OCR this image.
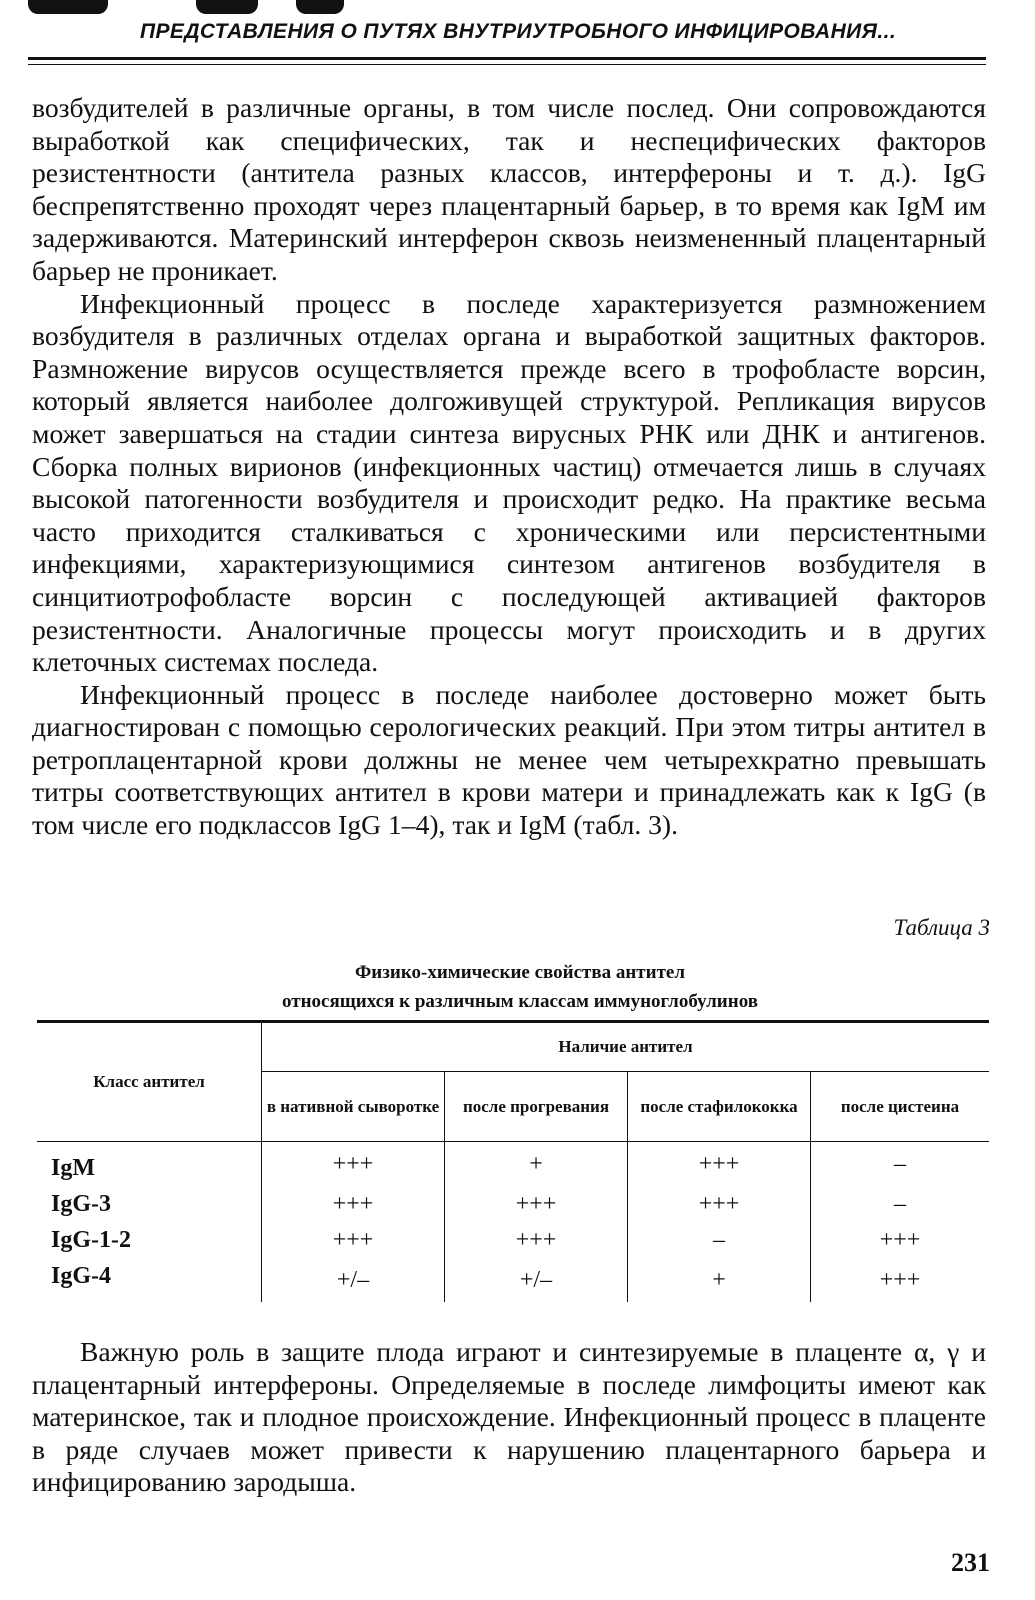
ПРЕДСТАВЛЕНИЯ О ПУТЯХ ВНУТРИУТРОБНОГО ИНФИЦИРОВАНИЯ...

возбудителей в различные органы, в том числе послед. Они сопровождаются выработкой как специфических, так и неспецифических факторов резистентности (антитела разных классов, интерфероны и т. д.). IgG беспрепятственно проходят через плацентарный барьер, в то время как IgM им задерживаются. Материнский интерферон сквозь неизмененный плацентарный барьер не проникает.

Инфекционный процесс в последе характеризуется размножением возбудителя в различных отделах органа и выработкой защитных факторов. Размножение вирусов осуществляется прежде всего в трофобласте ворсин, который является наиболее долгоживущей структурой. Репликация вирусов может завершаться на стадии синтеза вирусных РНК или ДНК и антигенов. Сборка полных вирионов (инфекционных частиц) отмечается лишь в случаях высокой патогенности возбудителя и происходит редко. На практике весьма часто приходится сталкиваться с хроническими или персистентными инфекциями, характеризующимися синтезом антигенов возбудителя в синцитиотрофобласте ворсин с последующей активацией факторов резистентности. Аналогичные процессы могут происходить и в других клеточных системах последа.

Инфекционный процесс в последе наиболее достоверно может быть диагностирован с помощью серологических реакций. При этом титры антител в ретроплацентарной крови должны не менее чем четырехкратно превышать титры соответствующих антител в крови матери и принадлежать как к IgG (в том числе его подклассов IgG 1–4), так и IgM (табл. 3).

Таблица 3
Физико-химические свойства антител
относящихся к различным классам иммуноглобулинов
Класс антител	Наличие антител			
	в нативной сыворотке	после прогревания	после стафилококка	после цистеина
IgM	+++	+	+++	–
IgG-3	+++	+++	+++	–
IgG-1-2	+++	+++	–	+++
IgG-4	+/–	+/–	+	+++

Важную роль в защите плода играют и синтезируемые в плаценте α, γ и плацентарный интерфероны. Определяемые в последе лимфоциты имеют как материнское, так и плодное происхождение. Инфекционный процесс в плаценте в ряде случаев может привести к нарушению плацентарного барьера и инфицированию зародыша.

231
